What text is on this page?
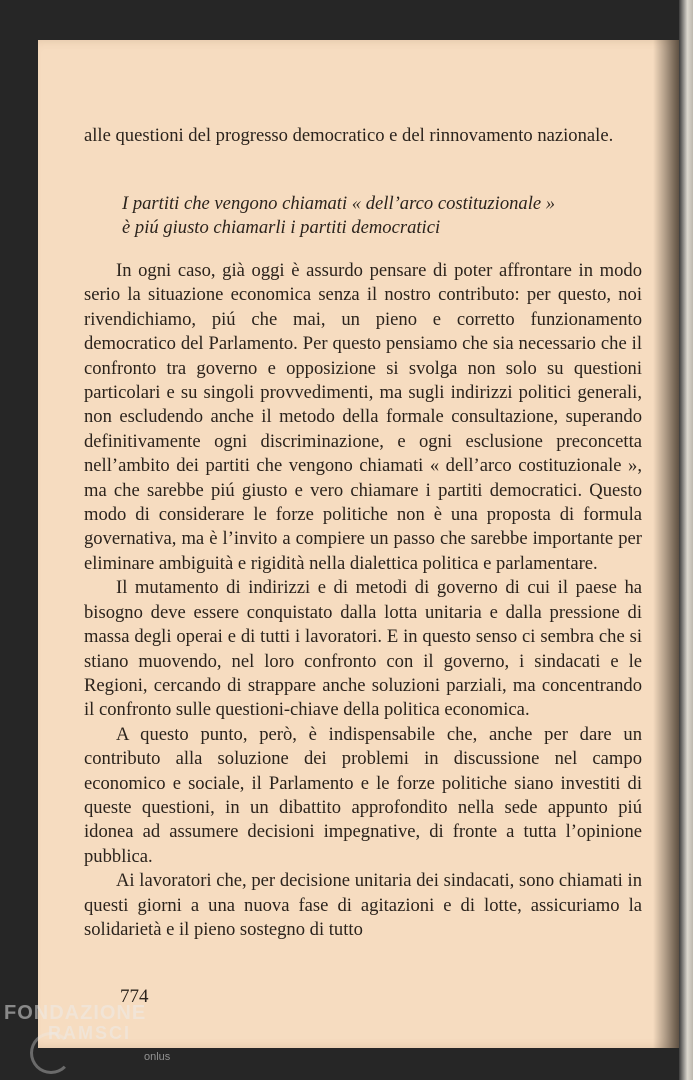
alle questioni del progresso democratico e del rinnovamento nazionale.

I partiti che vengono chiamati « dell’arco costituzionale »
è piú giusto chiamarli i partiti democratici

In ogni caso, già oggi è assurdo pensare di poter affrontare in modo serio la situazione economica senza il nostro contributo: per questo, noi rivendichiamo, piú che mai, un pieno e corretto funzionamento democratico del Parlamento. Per questo pensiamo che sia necessario che il confronto tra governo e opposizione si svolga non solo su questioni particolari e su singoli provvedimenti, ma sugli indirizzi politici generali, non escludendo anche il metodo della formale consultazione, superando definitivamente ogni discriminazione, e ogni esclusione preconcetta nell’ambito dei partiti che vengono chiamati « dell’arco costituzionale », ma che sarebbe piú giusto e vero chiamare i partiti democratici. Questo modo di considerare le forze politiche non è una proposta di formula governativa, ma è l’invito a compiere un passo che sarebbe importante per eliminare ambiguità e rigidità nella dialettica politica e parlamentare.

Il mutamento di indirizzi e di metodi di governo di cui il paese ha bisogno deve essere conquistato dalla lotta unitaria e dalla pressione di massa degli operai e di tutti i lavoratori. E in questo senso ci sembra che si stiano muovendo, nel loro confronto con il governo, i sindacati e le Regioni, cercando di strappare anche soluzioni parziali, ma concentrando il confronto sulle questioni-chiave della politica economica.

A questo punto, però, è indispensabile che, anche per dare un contributo alla soluzione dei problemi in discussione nel campo economico e sociale, il Parlamento e le forze politiche siano investiti di queste questioni, in un dibattito approfondito nella sede appunto piú idonea ad assumere decisioni impegnative, di fronte a tutta l’opinione pubblica.

Ai lavoratori che, per decisione unitaria dei sindacati, sono chiamati in questi giorni a una nuova fase di agitazioni e di lotte, assicuriamo la solidarietà e il pieno sostegno di tutto

774
FONDAZIONE
RAMSCI
onlus
